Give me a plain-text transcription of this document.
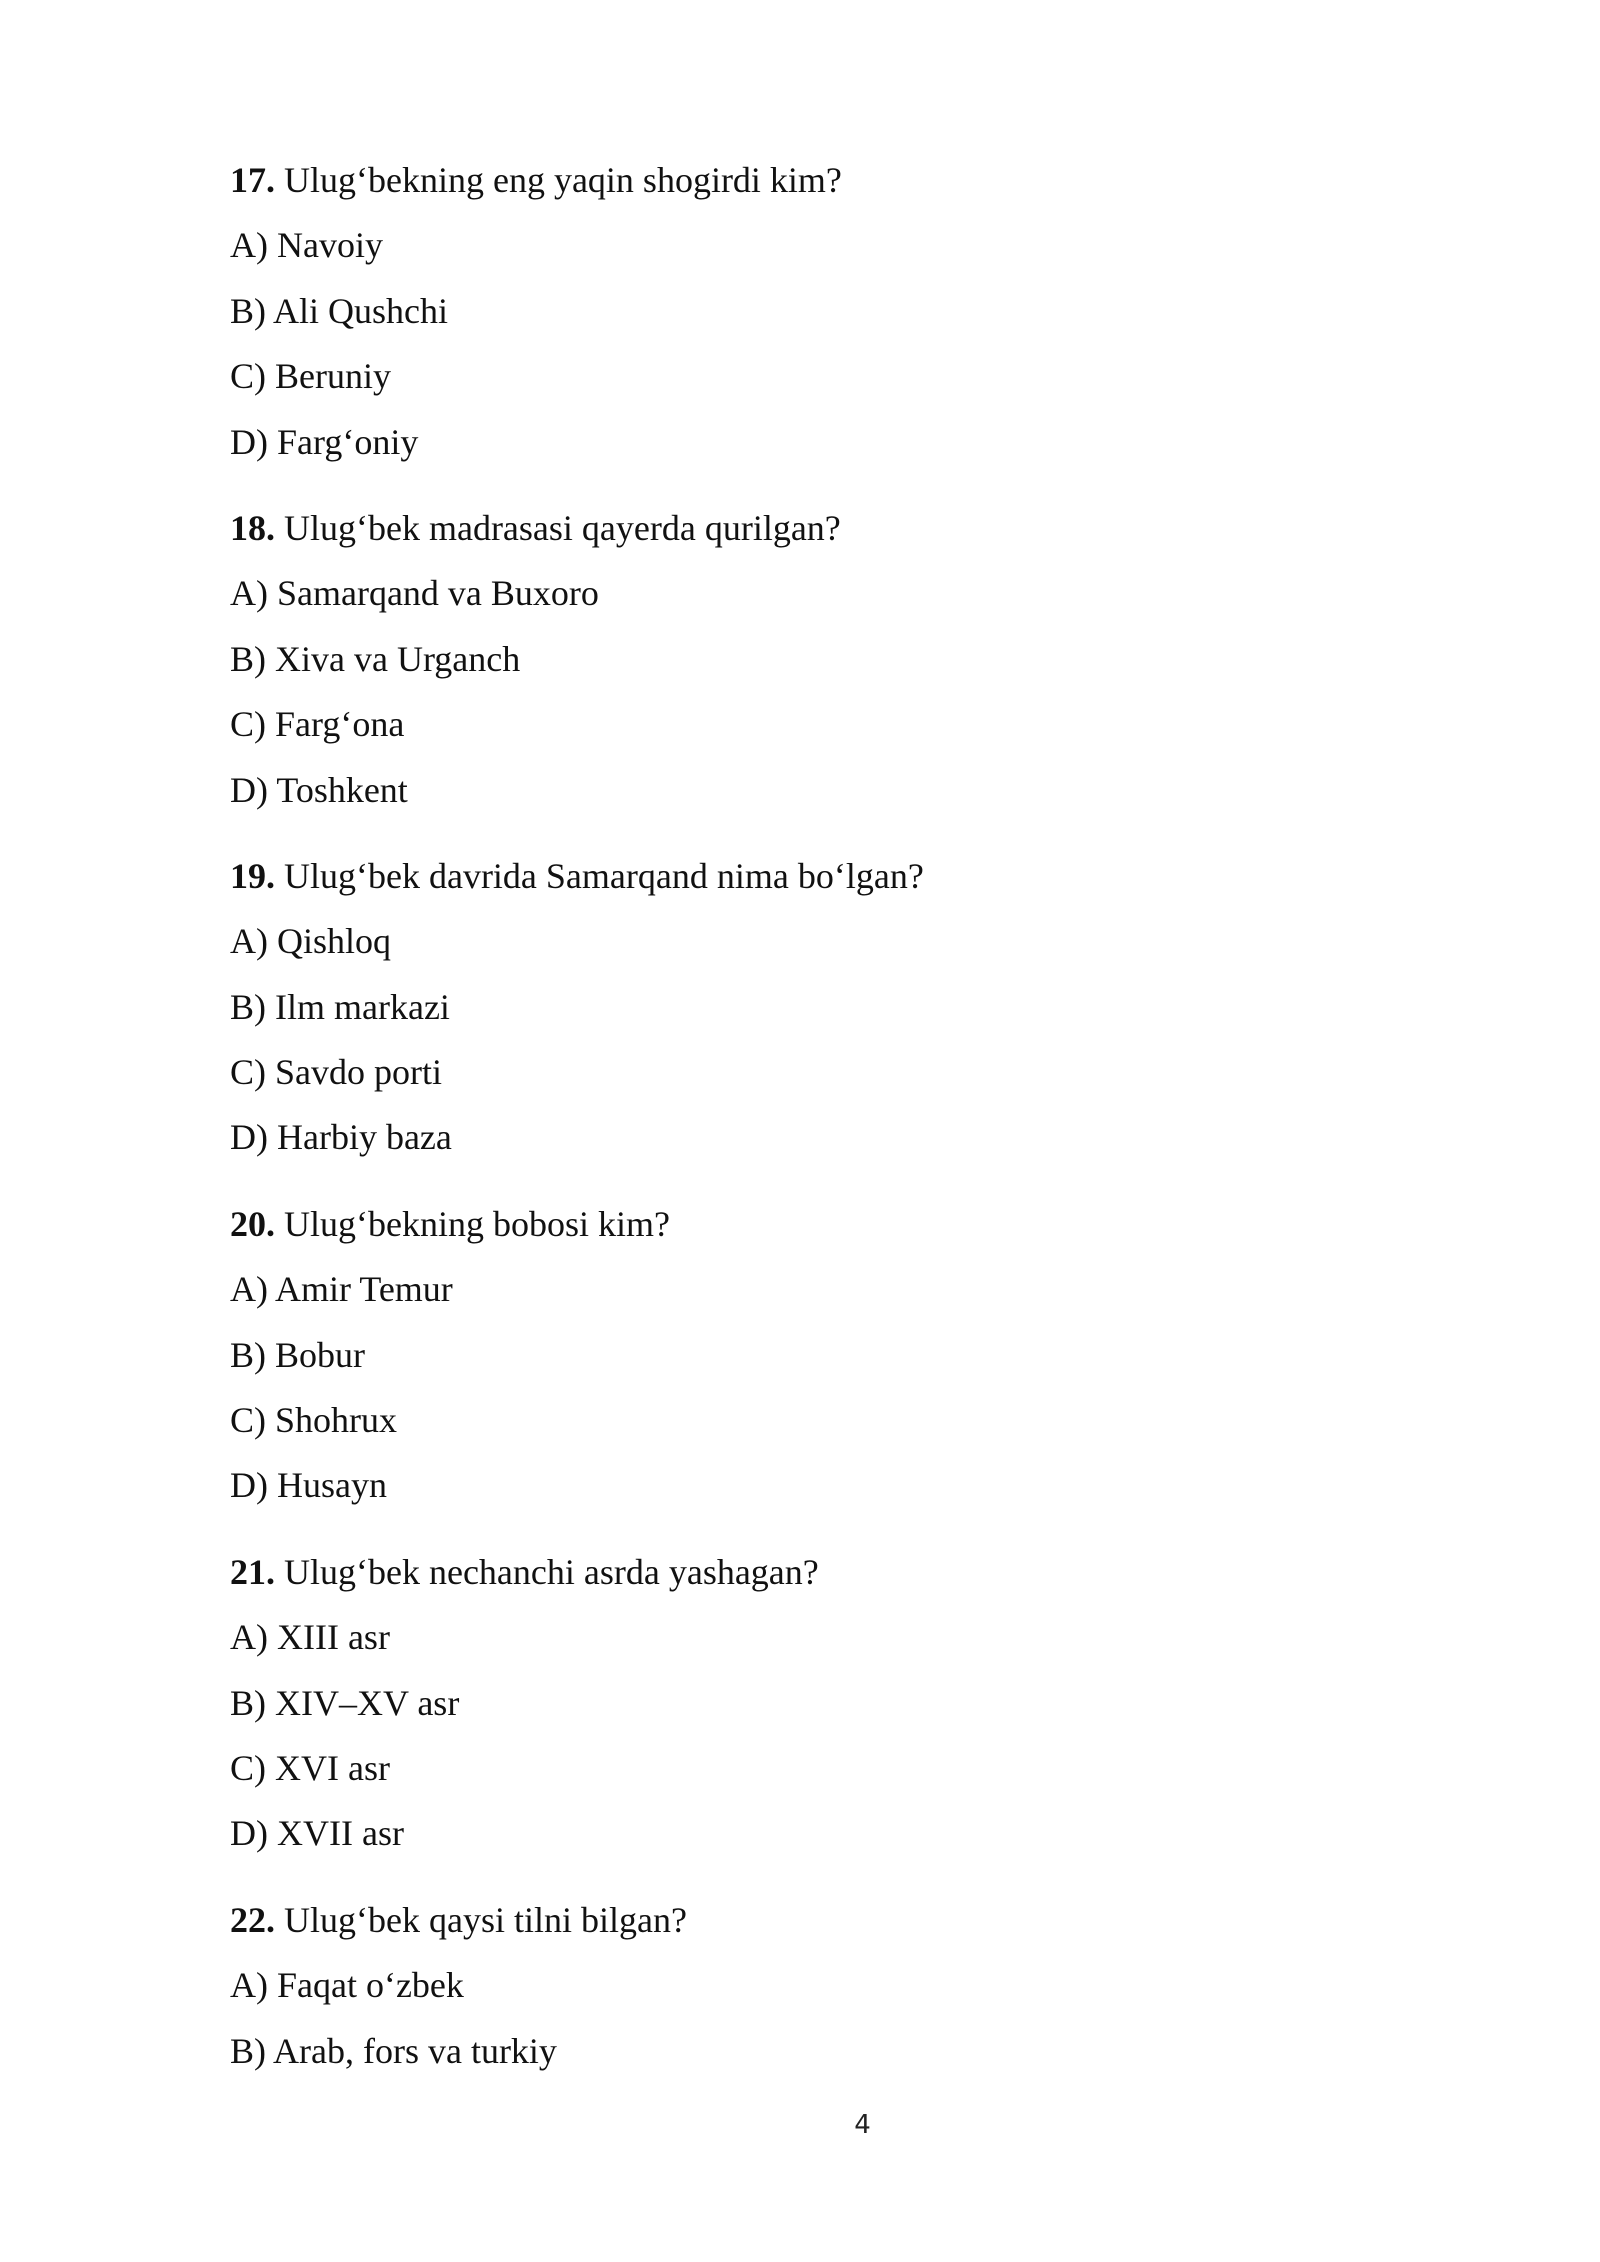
17. Ulug‘bekning eng yaqin shogirdi kim?
A) Navoiy
B) Ali Qushchi
C) Beruniy
D) Farg‘oniy
18. Ulug‘bek madrasasi qayerda qurilgan?
A) Samarqand va Buxoro
B) Xiva va Urganch
C) Farg‘ona
D) Toshkent
19. Ulug‘bek davrida Samarqand nima bo‘lgan?
A) Qishloq
B) Ilm markazi
C) Savdo porti
D) Harbiy baza
20. Ulug‘bekning bobosi kim?
A) Amir Temur
B) Bobur
C) Shohrux
D) Husayn
21. Ulug‘bek nechanchi asrda yashagan?
A) XIII asr
B) XIV–XV asr
C) XVI asr
D) XVII asr
22. Ulug‘bek qaysi tilni bilgan?
A) Faqat o‘zbek
B) Arab, fors va turkiy
4
